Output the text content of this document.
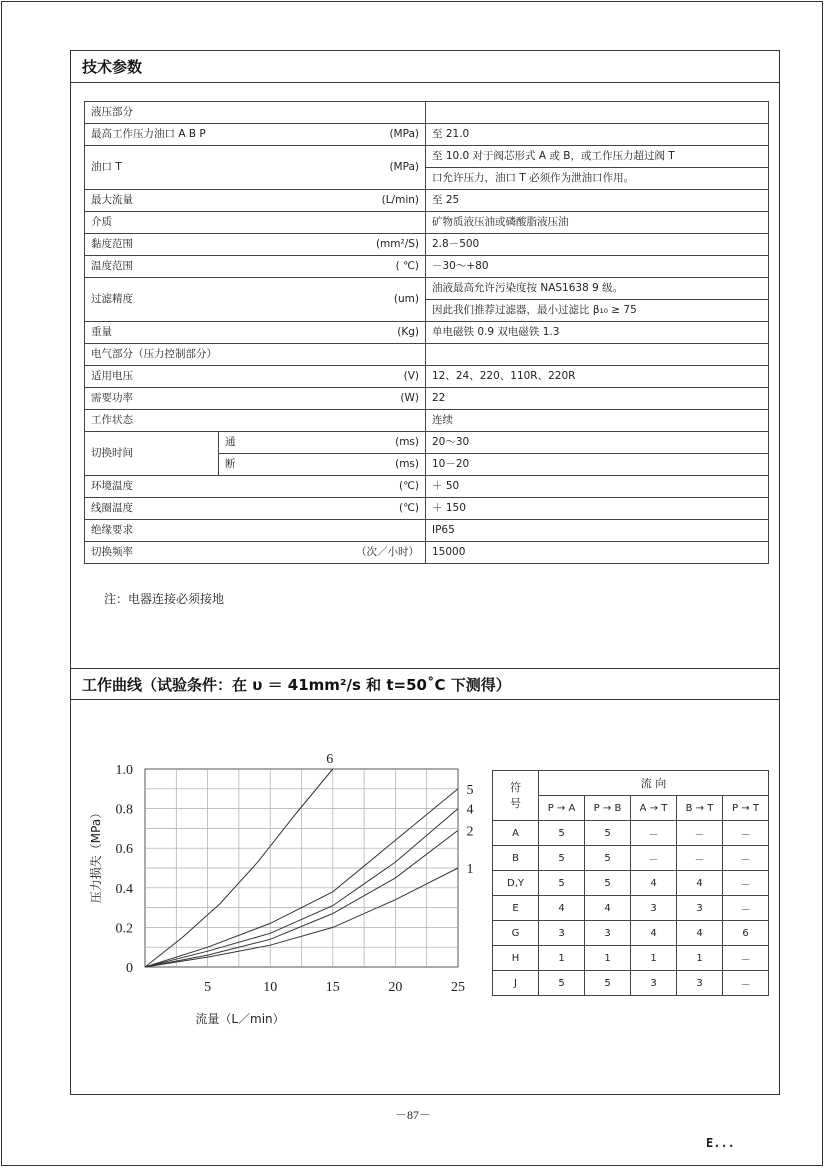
技术参数
液压部分		

最高工作压力油口 A B P (MPa)		至 21.0

油口 T (MPa)		至 10.0 对于阀芯形式 A 或 B，或工作压力超过阀 T
		口允许压力，油口 T 必须作为泄油口作用。

最大流量 (L/min)		至 25

介质		矿物质液压油或磷酸脂液压油

黏度范围 (mm²/S)		2.8－500

温度范围 ( ℃)		－30～+80

过滤精度 (um)		油液最高允许污染度按 NAS1638 9 级。
		因此我们推荐过滤器，最小过滤比 β₁₀ ≥ 75

重量 (Kg)		单电磁铁 0.9 双电磁铁 1.3

电气部分（压力控制部分）		

适用电压 (V)		12、24、220、110R、220R

需要功率 (W)		22

工作状态		连续
切换时间	通 (ms)	20～30

	断 (ms)	10－20

环境温度 (℃)		＋ 50

线圈温度 (℃)		＋ 150

绝缘要求		IP65

切换频率 （次／小时）		15000
注：电器连接必须接地
工作曲线（试验条件：在 υ ＝ 41mm²/s 和 t=50˚C 下测得）
1
2
4
5
6
5	10	15	20	25
0
0.2
0.4
0.6
0.8
1.0
流量（L／min）
压力损失（MPa）
符 号	流 向				
	P → A	P → B	A → T	B → T	P → T
A	5	5	－	－	－
B	5	5	－	－	－
D,Y	5	5	4	4	－
E	4	4	3	3	－
G	3	3	4	4	6
H	1	1	1	1	－
J	5	5	3	3	－
－87－
E...
